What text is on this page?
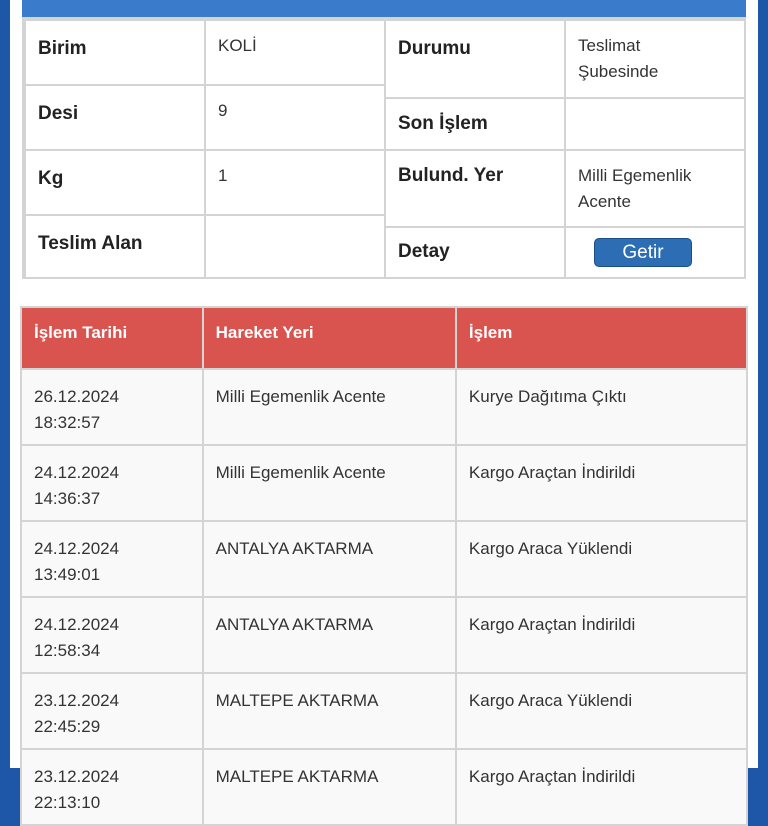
Birim	KOLİ
Desi	9
Kg	1
Teslim Alan	
Durumu	Teslimat
Şubesinde

Son İşlem	
Bulund. Yer	Milli Egemenlik
Acente

Detay	Getir
İşlem Tarihi	Hareket Yeri	İşlem

26.12.2024
18:32:57	Milli Egemenlik Acente	Kurye Dağıtıma Çıktı

24.12.2024
14:36:37	Milli Egemenlik Acente	Kargo Araçtan İndirildi

24.12.2024
13:49:01	ANTALYA AKTARMA	Kargo Araca Yüklendi

24.12.2024
12:58:34	ANTALYA AKTARMA	Kargo Araçtan İndirildi

23.12.2024
22:45:29	MALTEPE AKTARMA	Kargo Araca Yüklendi

23.12.2024
22:13:10	MALTEPE AKTARMA	Kargo Araçtan İndirildi
